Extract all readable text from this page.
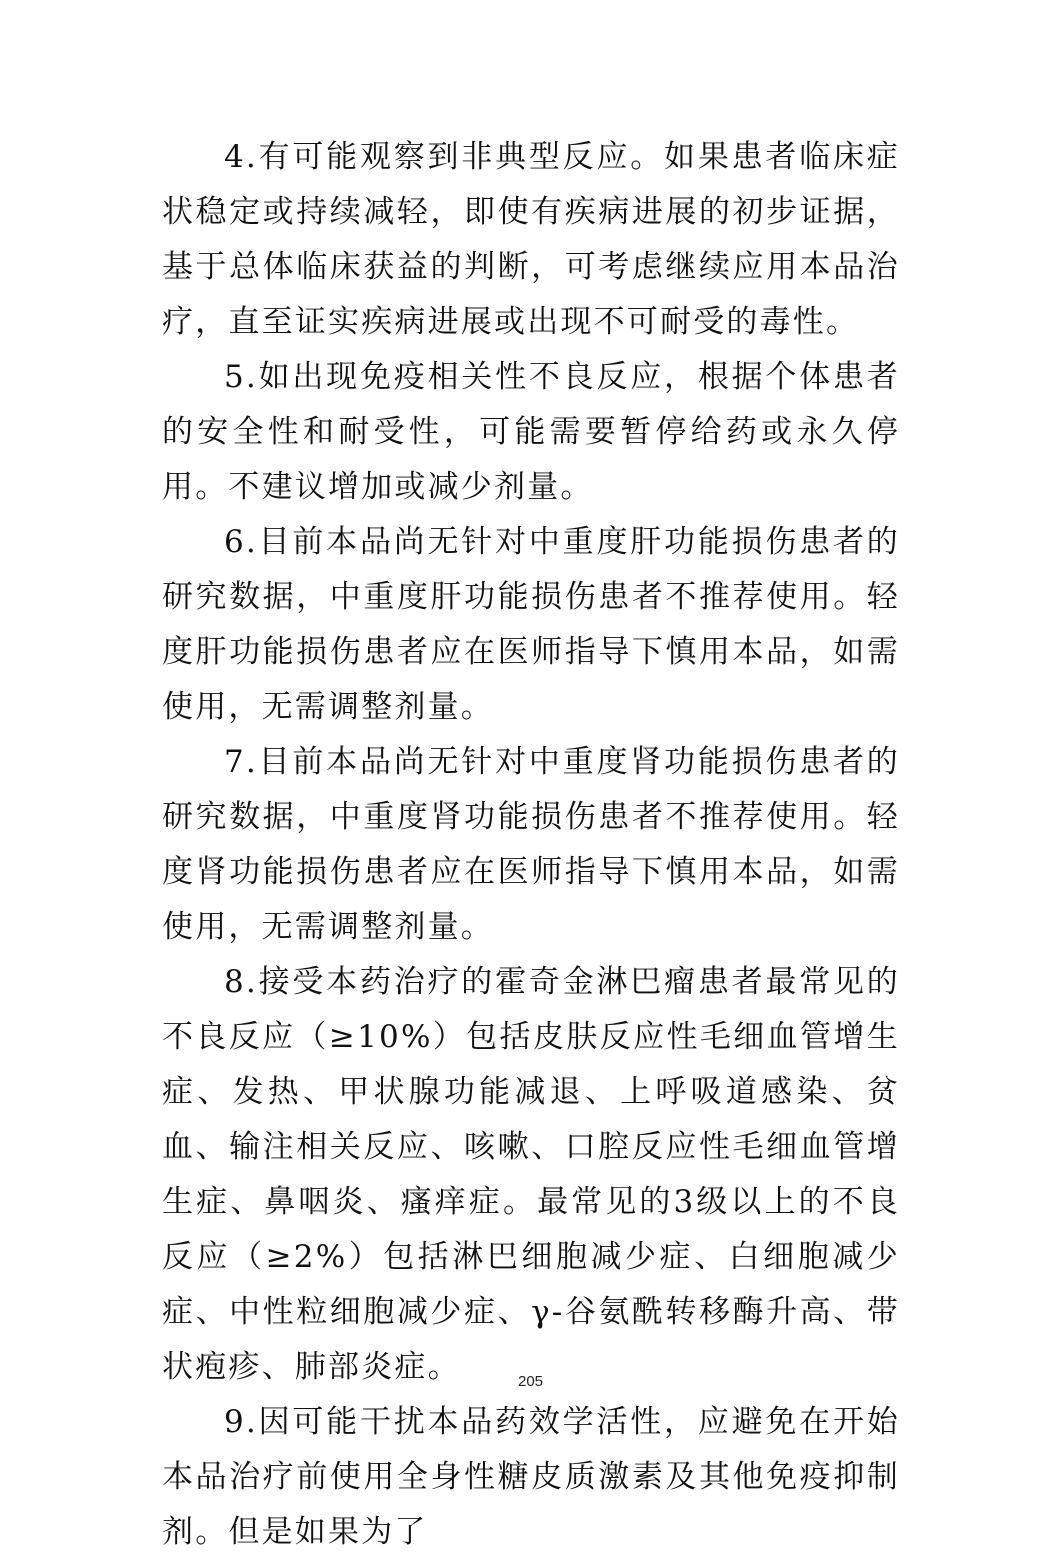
4.有可能观察到非典型反应。如果患者临床症状稳定或持续减轻，即使有疾病进展的初步证据，基于总体临床获益的判断，可考虑继续应用本品治疗，直至证实疾病进展或出现不可耐受的毒性。

5.如出现免疫相关性不良反应，根据个体患者的安全性和耐受性，可能需要暂停给药或永久停用。不建议增加或减少剂量。

6.目前本品尚无针对中重度肝功能损伤患者的研究数据，中重度肝功能损伤患者不推荐使用。轻度肝功能损伤患者应在医师指导下慎用本品，如需使用，无需调整剂量。

7.目前本品尚无针对中重度肾功能损伤患者的研究数据，中重度肾功能损伤患者不推荐使用。轻度肾功能损伤患者应在医师指导下慎用本品，如需使用，无需调整剂量。

8.接受本药治疗的霍奇金淋巴瘤患者最常见的不良反应（≥10%）包括皮肤反应性毛细血管增生症、发热、甲状腺功能减退、上呼吸道感染、贫血、输注相关反应、咳嗽、口腔反应性毛细血管增生症、鼻咽炎、瘙痒症。最常见的3级以上的不良反应（≥2%）包括淋巴细胞减少症、白细胞减少症、中性粒细胞减少症、γ-谷氨酰转移酶升高、带状疱疹、肺部炎症。

9.因可能干扰本品药效学活性，应避免在开始本品治疗前使用全身性糖皮质激素及其他免疫抑制剂。但是如果为了

205
